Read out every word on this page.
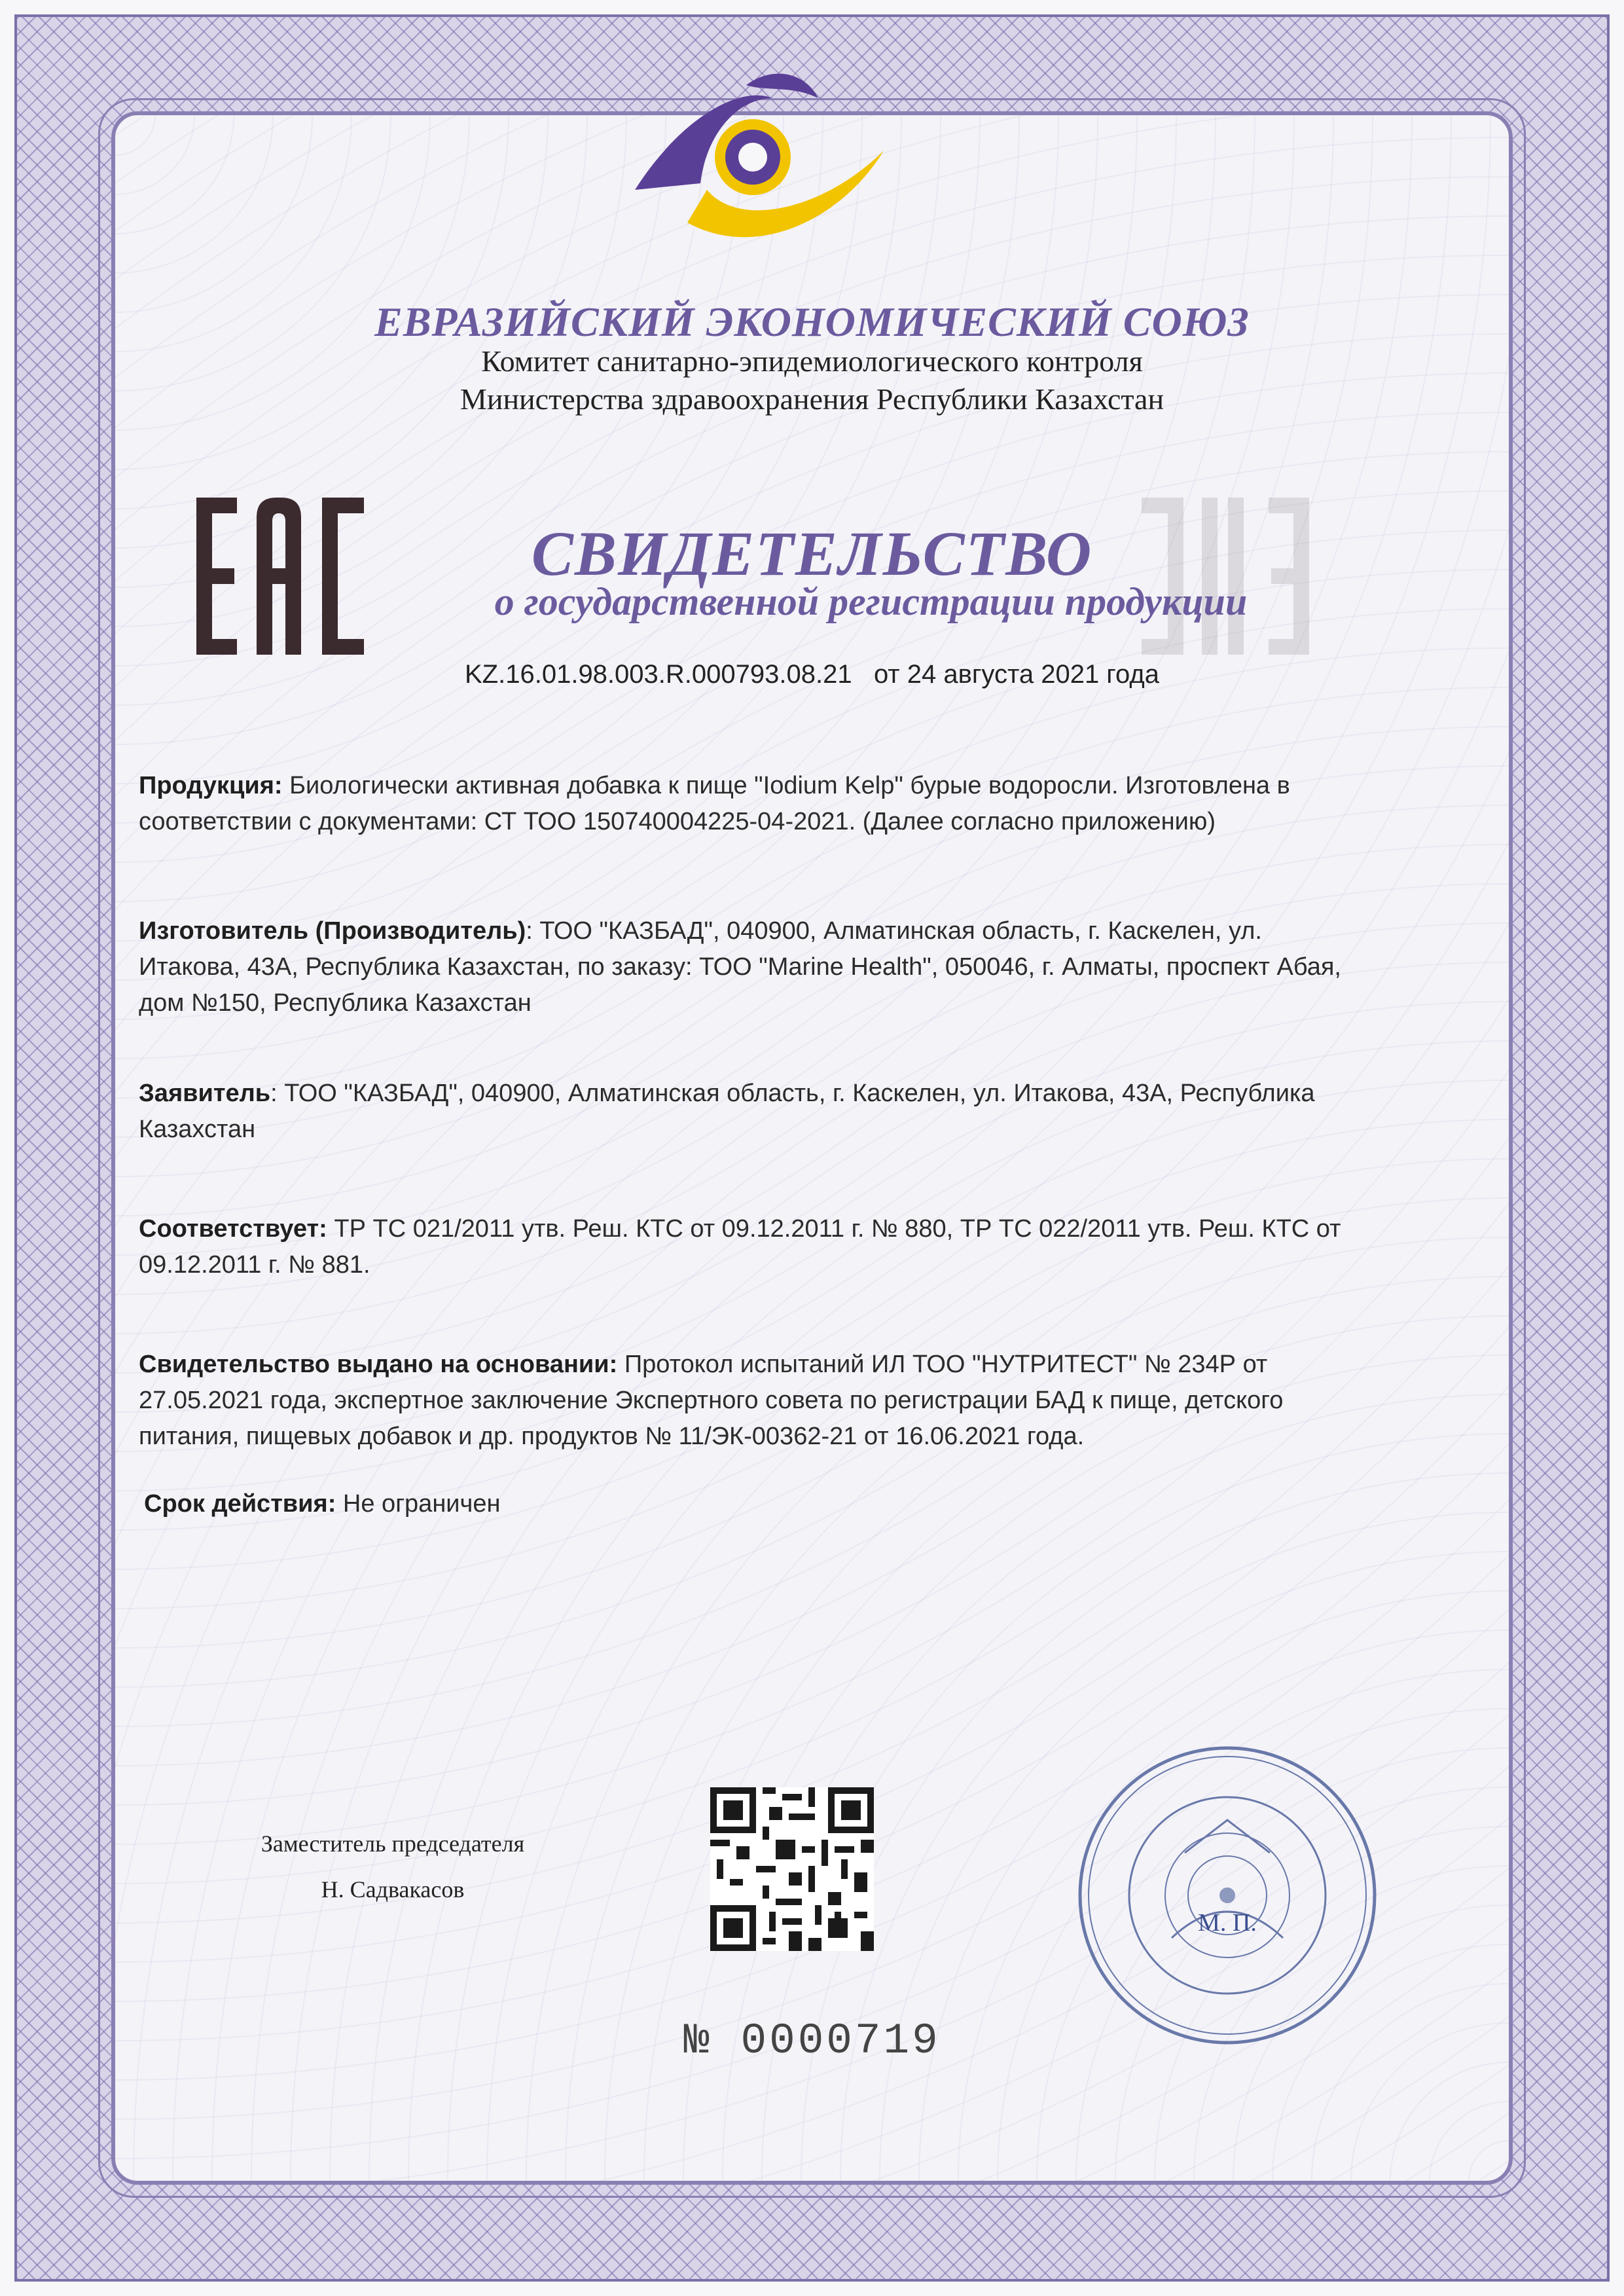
ЕВРАЗИЙСКИЙ ЭКОНОМИЧЕСКИЙ СОЮЗ
Комитет санитарно-эпидемиологического контроля
Министерства здравоохранения Республики Казахстан
СВИДЕТЕЛЬСТВО
о государственной регистрации продукции
KZ.16.01.98.003.R.000793.08.21 от 24 августа 2021 года
Продукция: Биологически активная добавка к пище "Iodium Kelp" бурые водоросли. Изготовлена в соответствии с документами: СТ ТОО 150740004225-04-2021. (Далее согласно приложению)
Изготовитель (Производитель): ТОО "КАЗБАД", 040900, Алматинская область, г. Каскелен, ул. Итакова, 43А, Республика Казахстан, по заказу: ТОО "Marine Health", 050046, г. Алматы, проспект Абая, дом №150, Республика Казахстан
Заявитель: ТОО "КАЗБАД", 040900, Алматинская область, г. Каскелен, ул. Итакова, 43А, Республика Казахстан
Соответствует: ТР ТС 021/2011 утв. Реш. КТС от 09.12.2011 г. № 880, ТР ТС 022/2011 утв. Реш. КТС от 09.12.2011 г. № 881.
Свидетельство выдано на основании: Протокол испытаний ИЛ ТОО "НУТРИТЕСТ" № 234Р от 27.05.2021 года, экспертное заключение Экспертного совета по регистрации БАД к пище, детского питания, пищевых добавок и др. продуктов № 11/ЭК-00362-21 от 16.06.2021 года.
Срок действия: Не ограничен
Заместитель председателя
Н. Садвакасов
М. П.
№ 0000719
